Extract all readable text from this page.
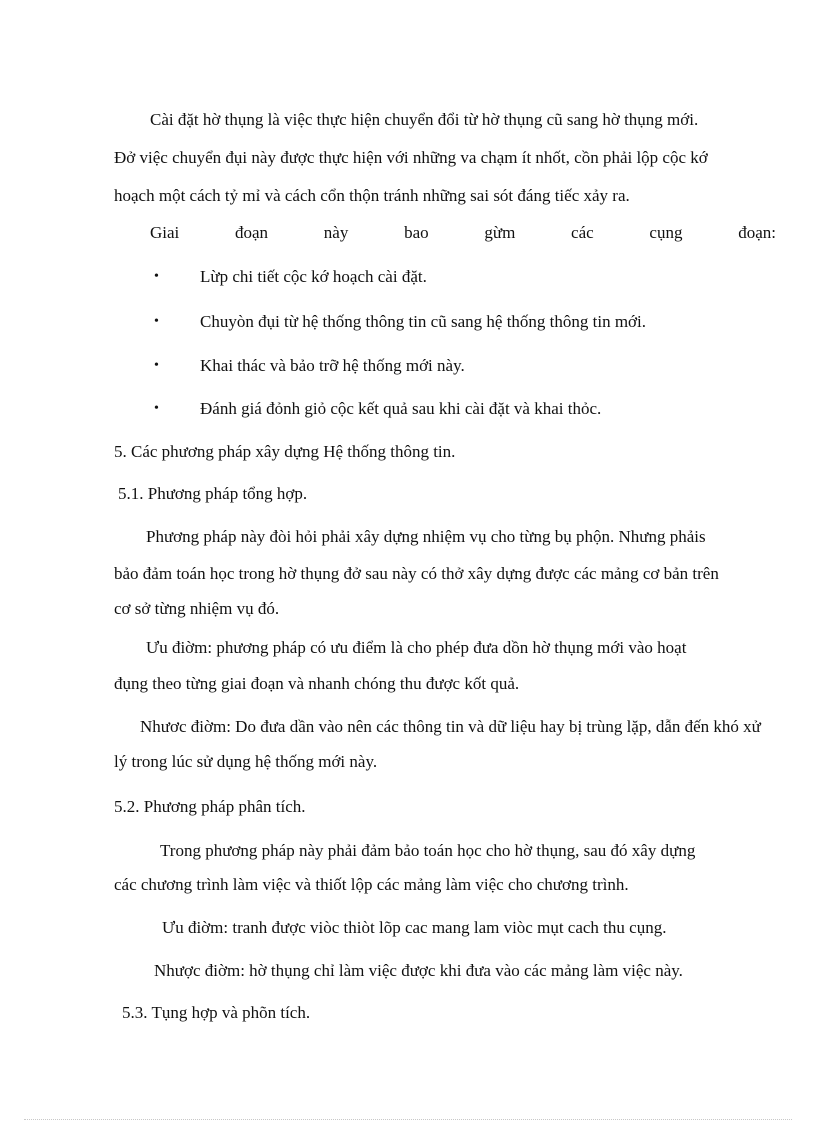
Cài đặt hờ thụng là việc thực hiện chuyển đổi từ hờ thụng cũ sang hờ thụng mới.
Đở việc chuyển đụi này được thực hiện với những va chạm ít nhốt, cồn phải lộp cộc kớ
hoạch một cách tỷ mỉ và cách cổn thộn tránh những sai sót đáng tiếc xảy ra.
Giai	đoạn	này	bao	gừm	các	cụng	đoạn:
• Lừp chi tiết cộc kớ hoạch cài đặt.
• Chuyòn đụi từ hệ thống thông tin cũ sang hệ thống thông tin mới.
• Khai thác và bảo trỡ hệ thống mới này.
• Đánh giá đỏnh giỏ cộc kết quả sau khi cài đặt và khai thỏc.
5. Các phương pháp xây dựng Hệ thống thông tin.
5.1. Phương pháp tổng hợp.
Phương pháp này đòi hỏi phải xây dựng nhiệm vụ cho từng bụ phộn. Nhưng phảis
bảo đảm toán học trong hờ thụng đở sau này có thở xây dựng được các mảng cơ bản trên
cơ sở từng nhiệm vụ đó.
Ưu điờm: phương pháp có ưu điểm là cho phép đưa dồn hờ thụng mới vào hoạt
đụng theo từng giai đoạn và nhanh chóng thu được kốt quả.
Nhươc điờm: Do đưa dần vào nên các thông tin và dữ liệu hay bị trùng lặp, dẫn đến khó xử
lý trong lúc sử dụng hệ thống mới này.
5.2. Phương pháp phân tích.
Trong phương pháp này phải đảm bảo toán học cho hờ thụng, sau đó xây dựng
các chương trình làm việc và thiốt lộp các mảng làm việc cho chương trình.
Ưu điờm: tranh được viòc thiòt lõp cac mang lam viòc mụt cach thu cụng.
Nhược điờm: hờ thụng chỉ làm việc được khi đưa vào các mảng làm việc này.
5.3. Tụng hợp và phõn tích.
